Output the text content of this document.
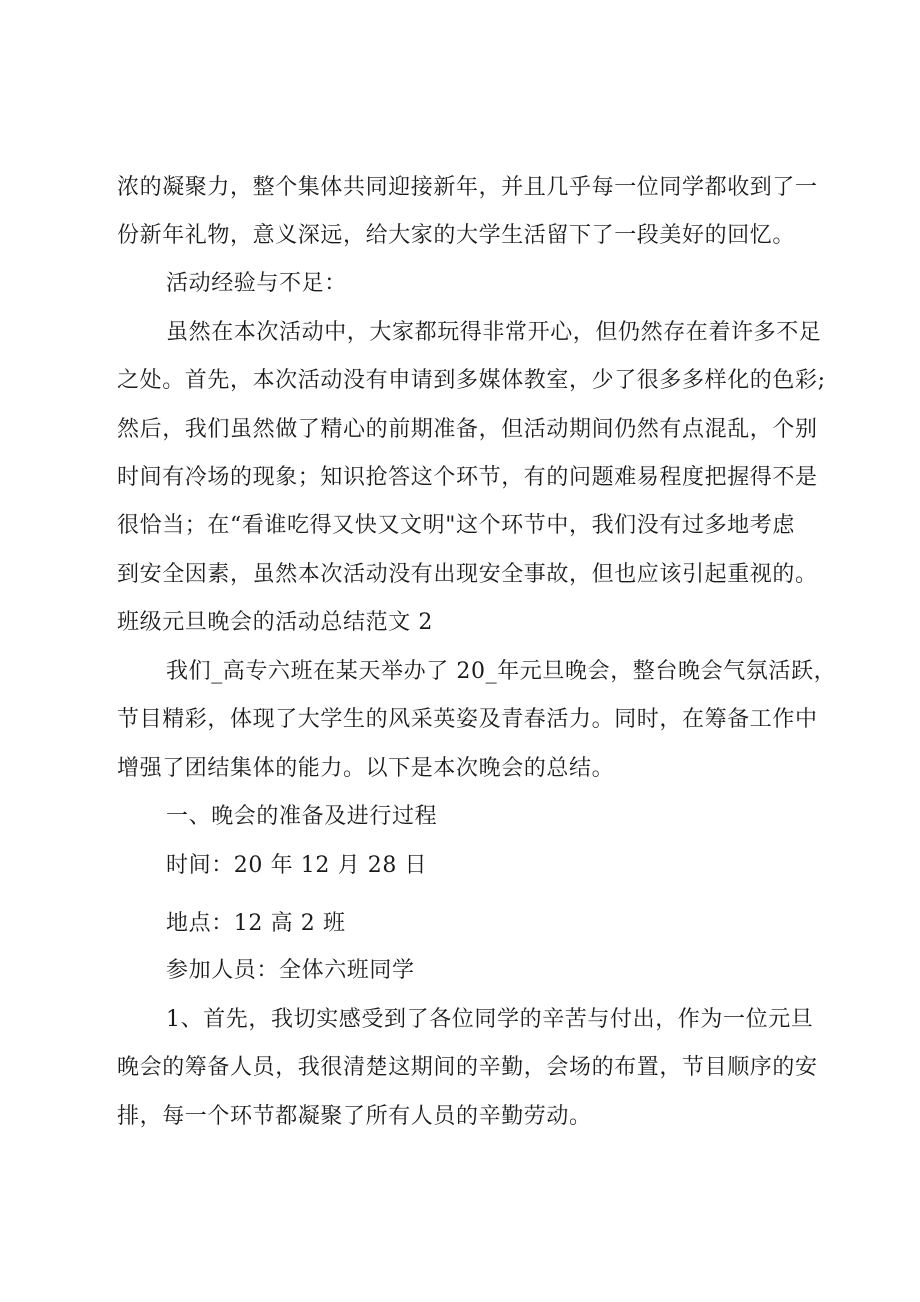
浓的凝聚力，整个集体共同迎接新年，并且几乎每一位同学都收到了一
份新年礼物，意义深远，给大家的大学生活留下了一段美好的回忆。
活动经验与不足：
虽然在本次活动中，大家都玩得非常开心，但仍然存在着许多不足
之处。首先，本次活动没有申请到多媒体教室，少了很多多样化的色彩;
然后，我们虽然做了精心的前期准备，但活动期间仍然有点混乱，个别
时间有冷场的现象；知识抢答这个环节，有的问题难易程度把握得不是
很恰当；在“看谁吃得又快又文明"这个环节中，我们没有过多地考虑
到安全因素，虽然本次活动没有出现安全事故，但也应该引起重视的。
班级元旦晚会的活动总结范文 2
我们_高专六班在某天举办了 20_年元旦晚会，整台晚会气氛活跃，
节目精彩，体现了大学生的风采英姿及青春活力。同时，在筹备工作中
增强了团结集体的能力。以下是本次晚会的总结。
一、晚会的准备及进行过程
时间：20 年 12 月 28 日
地点：12 高 2 班
参加人员：全体六班同学
1、首先，我切实感受到了各位同学的辛苦与付出，作为一位元旦
晚会的筹备人员，我很清楚这期间的辛勤，会场的布置，节目顺序的安
排，每一个环节都凝聚了所有人员的辛勤劳动。
